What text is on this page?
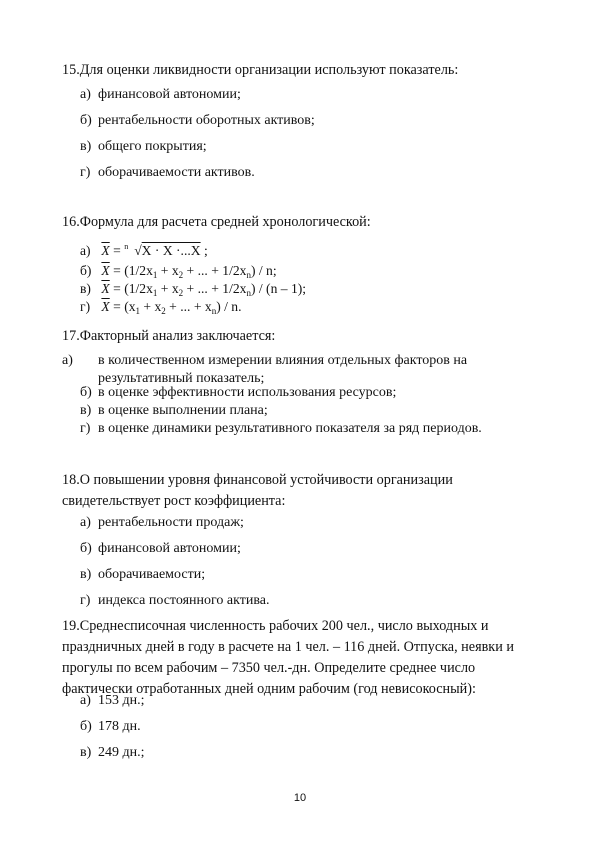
15.Для оценки ликвидности организации используют показатель:
а) финансовой автономии;
б) рентабельности оборотных активов;
в) общего покрытия;
г) оборачиваемости активов.
16.Формула для расчета средней хронологической:
а) $\overline{X} = n$ √X · X ·...X ;
б) $\overline{X} = (1/2x_1 + x_2$ + ... + $1/2x_n$) / n;
в) $\overline{X} = (1/2x_1 + x_2$ + ... + $1/2x_n) / (n - 1)$;
г) $\overline{X} = (x_1 + x_2$ + ... + $x_n$) / n.
17.Факторный анализ заключается:
а) в количественном измерении влияния отдельных факторов на результативный показатель;
б) в оценке эффективности использования ресурсов;
в) в оценке выполнении плана;
г) в оценке динамики результативного показателя за ряд периодов.
18.О повышении уровня финансовой устойчивости организации свидетельствует рост коэффициента:
а) рентабельности продаж;
б) финансовой автономии;
в) оборачиваемости;
г) индекса постоянного актива.
19.Среднесписочная численность рабочих 200 чел., число выходных и праздничных дней в году в расчете на 1 чел. – 116 дней. Отпуска, неявки и прогулы по всем рабочим – 7350 чел.-дн. Определите среднее число фактически отработанных дней одним рабочим (год невисокосный):
а) 153 дн.;
б) 178 дн.
в) 249 дн.;
10
